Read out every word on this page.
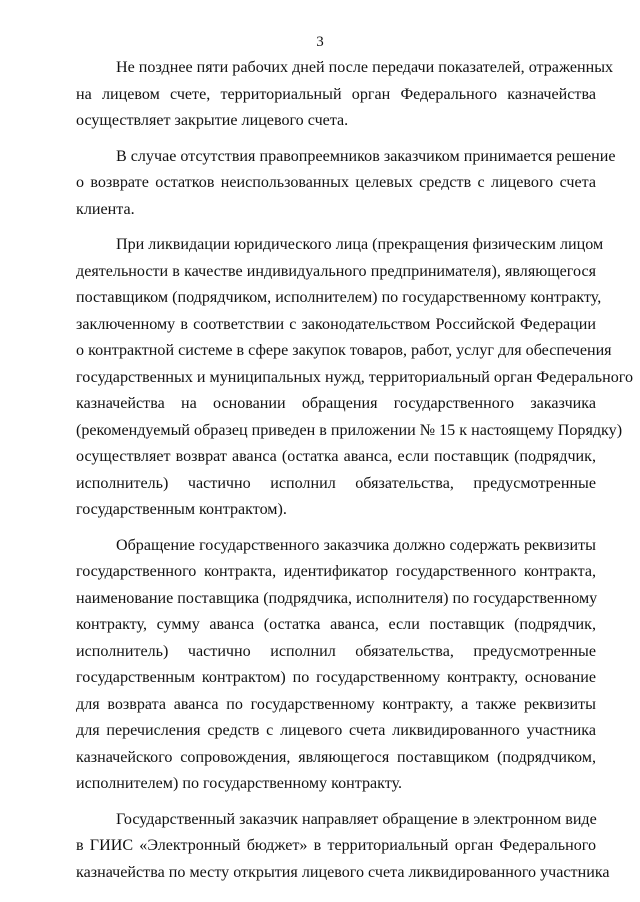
3
Не позднее пяти рабочих дней после передачи показателей, отраженных
на лицевом счете, территориальный орган Федерального казначейства
осуществляет закрытие лицевого счета.
В случае отсутствия правопреемников заказчиком принимается решение
о возврате остатков неиспользованных целевых средств с лицевого счета
клиента.
При ликвидации юридического лица (прекращения физическим лицом
деятельности в качестве индивидуального предпринимателя), являющегося
поставщиком (подрядчиком, исполнителем) по государственному контракту,
заключенному в соответствии с законодательством Российской Федерации
о контрактной системе в сфере закупок товаров, работ, услуг для обеспечения
государственных и муниципальных нужд, территориальный орган Федерального
казначейства на основании обращения государственного заказчика
(рекомендуемый образец приведен в приложении № 15 к настоящему Порядку)
осуществляет возврат аванса (остатка аванса, если поставщик (подрядчик,
исполнитель) частично исполнил обязательства, предусмотренные
государственным контрактом).
Обращение государственного заказчика должно содержать реквизиты
государственного контракта, идентификатор государственного контракта,
наименование поставщика (подрядчика, исполнителя) по государственному
контракту, сумму аванса (остатка аванса, если поставщик (подрядчик,
исполнитель) частично исполнил обязательства, предусмотренные
государственным контрактом) по государственному контракту, основание
для возврата аванса по государственному контракту, а также реквизиты
для перечисления средств с лицевого счета ликвидированного участника
казначейского сопровождения, являющегося поставщиком (подрядчиком,
исполнителем) по государственному контракту.
Государственный заказчик направляет обращение в электронном виде
в ГИИС «Электронный бюджет» в территориальный орган Федерального
казначейства по месту открытия лицевого счета ликвидированного участника
